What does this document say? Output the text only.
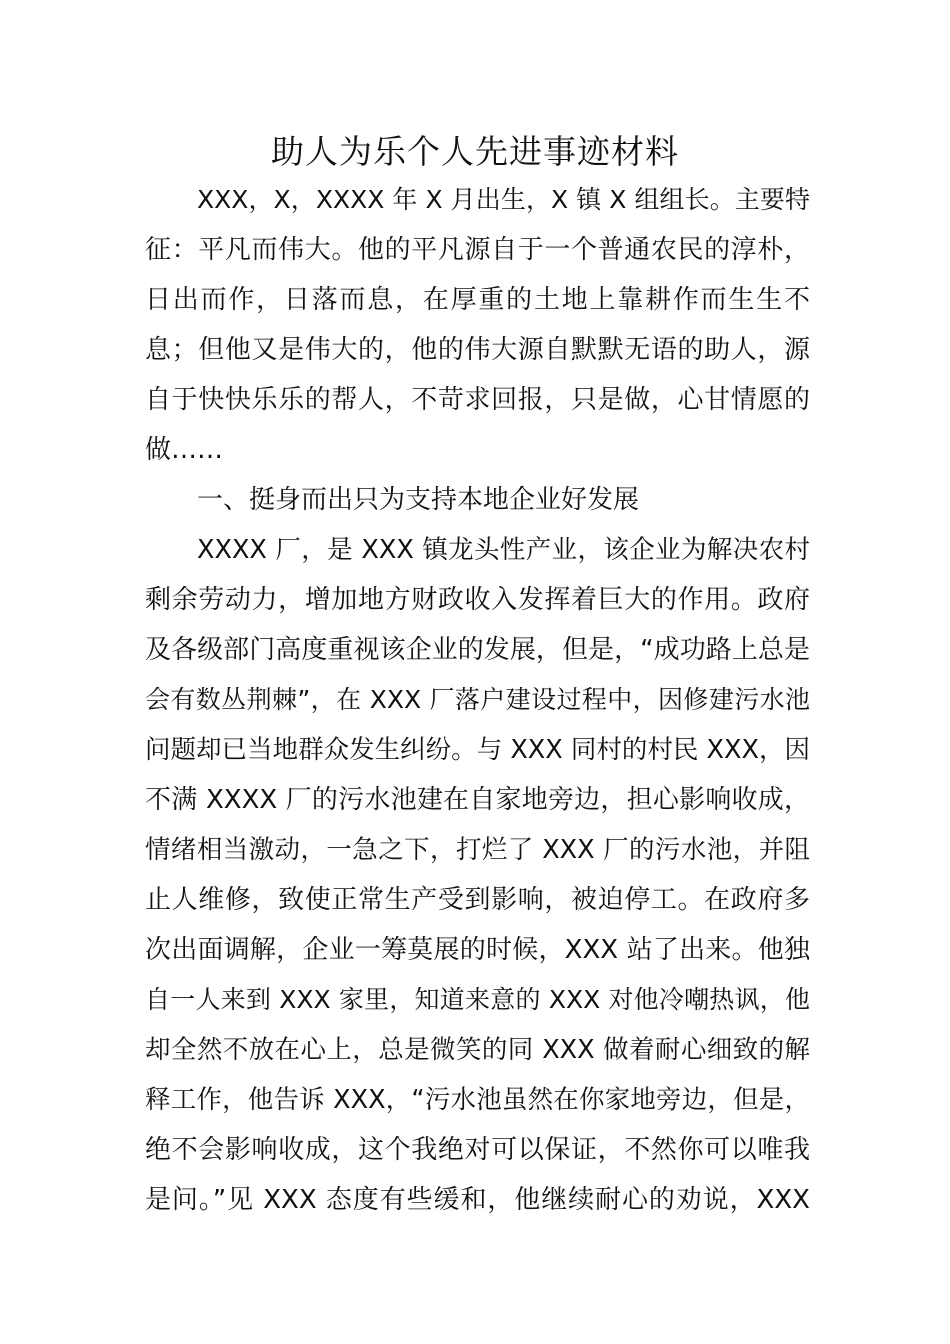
助人为乐个人先进事迹材料

XXX，X，XXXX 年 X 月出生，X 镇 X 组组长。主要特

征：平凡而伟大。他的平凡源自于一个普通农民的淳朴，

日出而作，日落而息，在厚重的土地上靠耕作而生生不

息；但他又是伟大的，他的伟大源自默默无语的助人，源

自于快快乐乐的帮人，不苛求回报，只是做，心甘情愿的

做……

一、挺身而出只为支持本地企业好发展

XXXX 厂，是 XXX 镇龙头性产业，该企业为解决农村

剩余劳动力，增加地方财政收入发挥着巨大的作用。政府

及各级部门高度重视该企业的发展，但是，“成功路上总是

会有数丛荆棘”，在 XXX 厂落户建设过程中，因修建污水池

问题却已当地群众发生纠纷。与 XXX 同村的村民 XXX，因

不满 XXXX 厂的污水池建在自家地旁边，担心影响收成，

情绪相当激动，一急之下，打烂了 XXX 厂的污水池，并阻

止人维修，致使正常生产受到影响，被迫停工。在政府多

次出面调解，企业一筹莫展的时候，XXX 站了出来。他独

自一人来到 XXX 家里，知道来意的 XXX 对他冷嘲热讽，他

却全然不放在心上，总是微笑的同 XXX 做着耐心细致的解

释工作，他告诉 XXX，“污水池虽然在你家地旁边，但是，

绝不会影响收成，这个我绝对可以保证，不然你可以唯我

是问。”见 XXX 态度有些缓和，他继续耐心的劝说，XXX
